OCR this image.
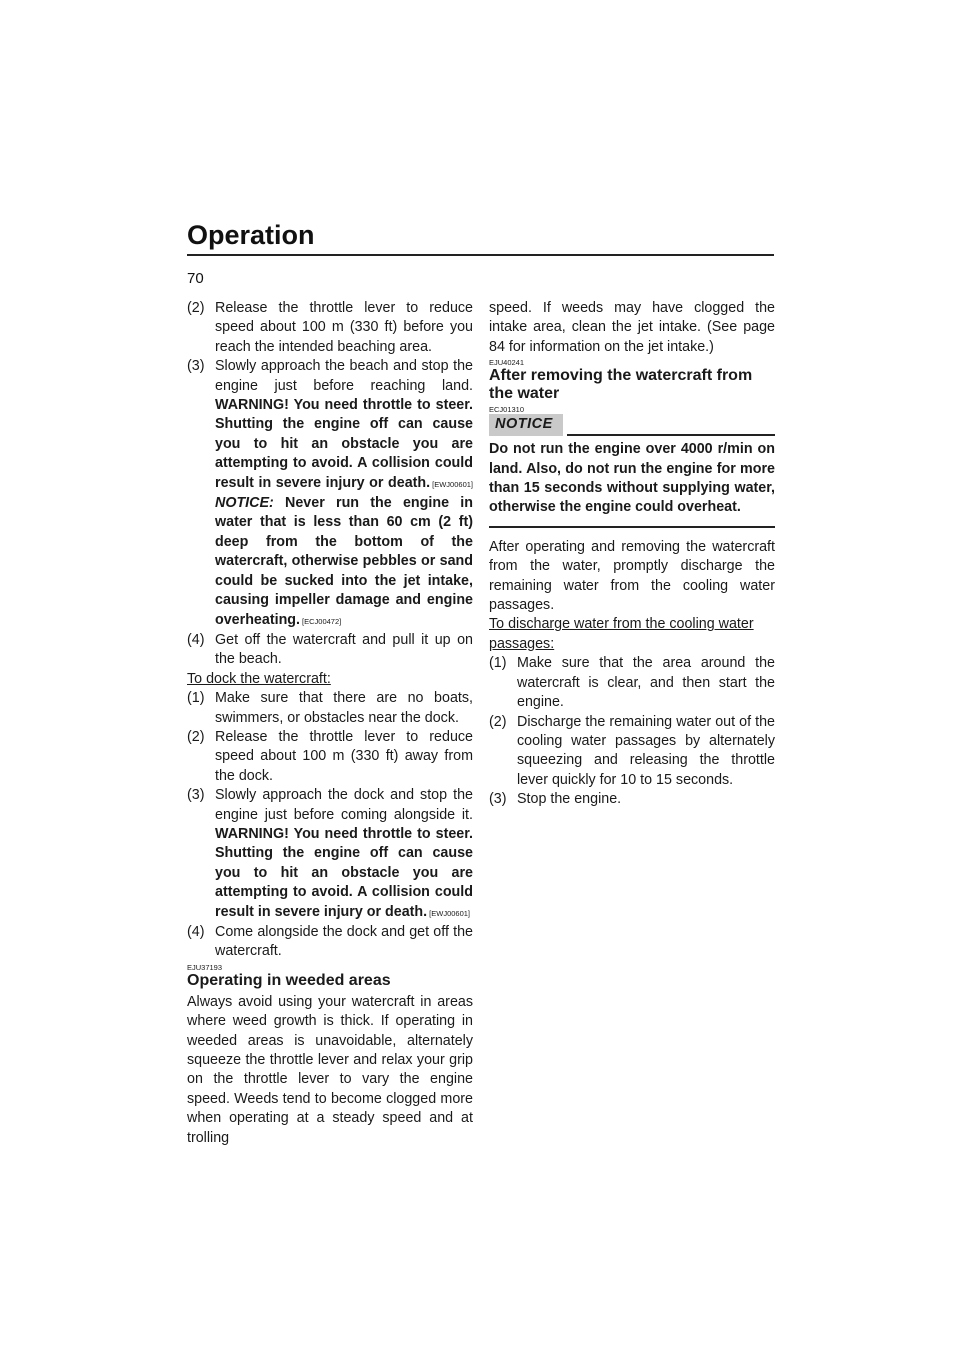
Operation
70
(2) Release the throttle lever to reduce speed about 100 m (330 ft) before you reach the intended beaching area.
(3) Slowly approach the beach and stop the engine just before reaching land. WARNING! You need throttle to steer. Shutting the engine off can cause you to hit an obstacle you are attempting to avoid. A collision could result in severe injury or death. [EWJ00601] NOTICE: Never run the engine in water that is less than 60 cm (2 ft) deep from the bottom of the watercraft, otherwise pebbles or sand could be sucked into the jet intake, causing impeller damage and engine overheating. [ECJ00472]
(4) Get off the watercraft and pull it up on the beach.
To dock the watercraft:
(1) Make sure that there are no boats, swimmers, or obstacles near the dock.
(2) Release the throttle lever to reduce speed about 100 m (330 ft) away from the dock.
(3) Slowly approach the dock and stop the engine just before coming alongside it. WARNING! You need throttle to steer. Shutting the engine off can cause you to hit an obstacle you are attempting to avoid. A collision could result in severe injury or death. [EWJ00601]
(4) Come alongside the dock and get off the watercraft.
EJU37193
Operating in weeded areas
Always avoid using your watercraft in areas where weed growth is thick. If operating in weeded areas is unavoidable, alternately squeeze the throttle lever and relax your grip on the throttle lever to vary the engine speed. Weeds tend to become clogged more when operating at a steady speed and at trolling
speed. If weeds may have clogged the intake area, clean the jet intake. (See page 84 for information on the jet intake.)
EJU40241
After removing the watercraft from the water
ECJ01310
NOTICE
Do not run the engine over 4000 r/min on land. Also, do not run the engine for more than 15 seconds without supplying water, otherwise the engine could overheat.
After operating and removing the watercraft from the water, promptly discharge the remaining water from the cooling water passages.
To discharge water from the cooling water passages:
(1) Make sure that the area around the watercraft is clear, and then start the engine.
(2) Discharge the remaining water out of the cooling water passages by alternately squeezing and releasing the throttle lever quickly for 10 to 15 seconds.
(3) Stop the engine.
